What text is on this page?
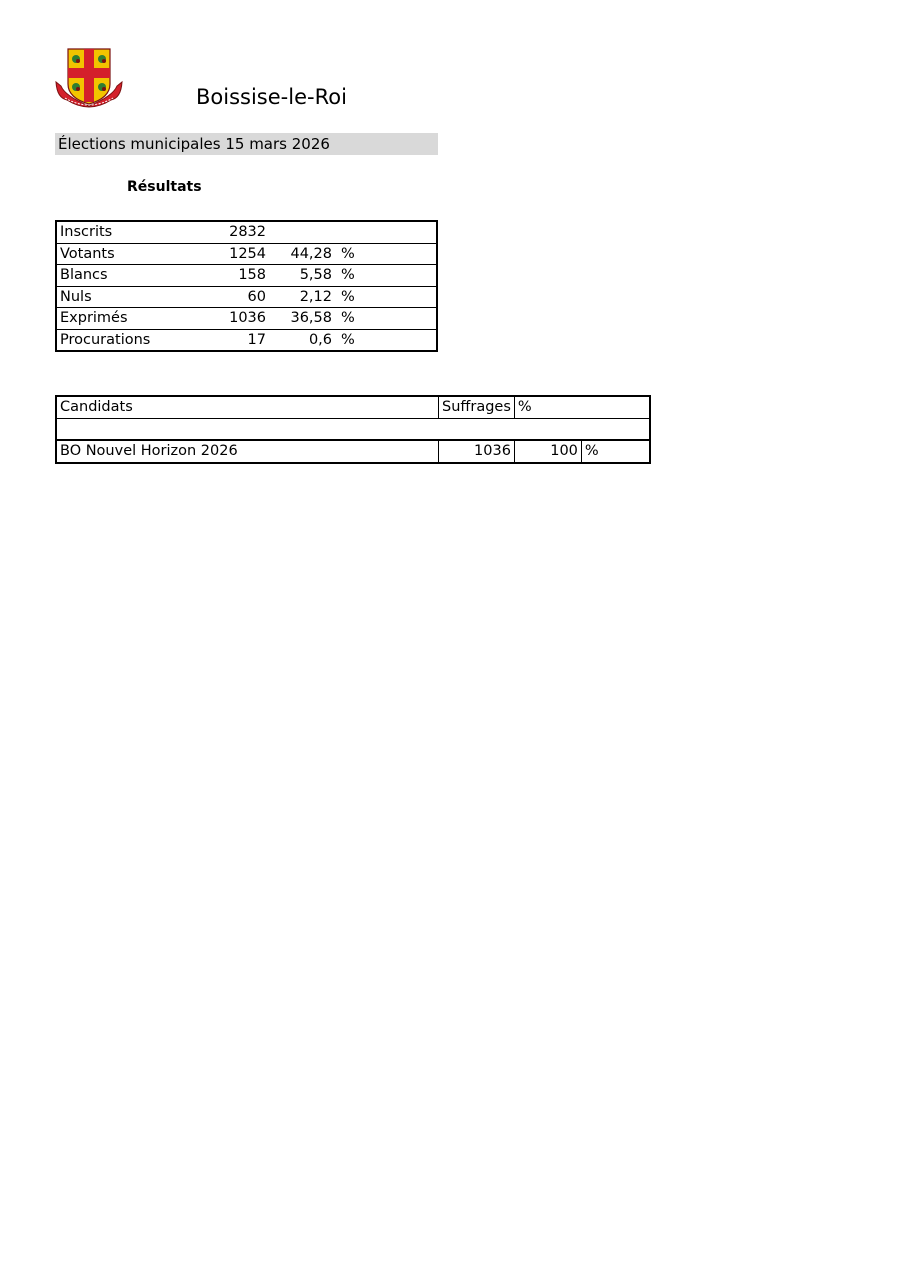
Boissise-le-Roi
Élections municipales 15 mars 2026
Résultats
Inscrits	2832			
Votants	1254	44,28	%	
Blancs	158	5,58	%	
Nuls	60	2,12	%	
Exprimés	1036	36,58	%	
Procurations	17	0,6	%	
Candidats	Suffrages	%	

BO Nouvel Horizon 2026	1036	100	%
